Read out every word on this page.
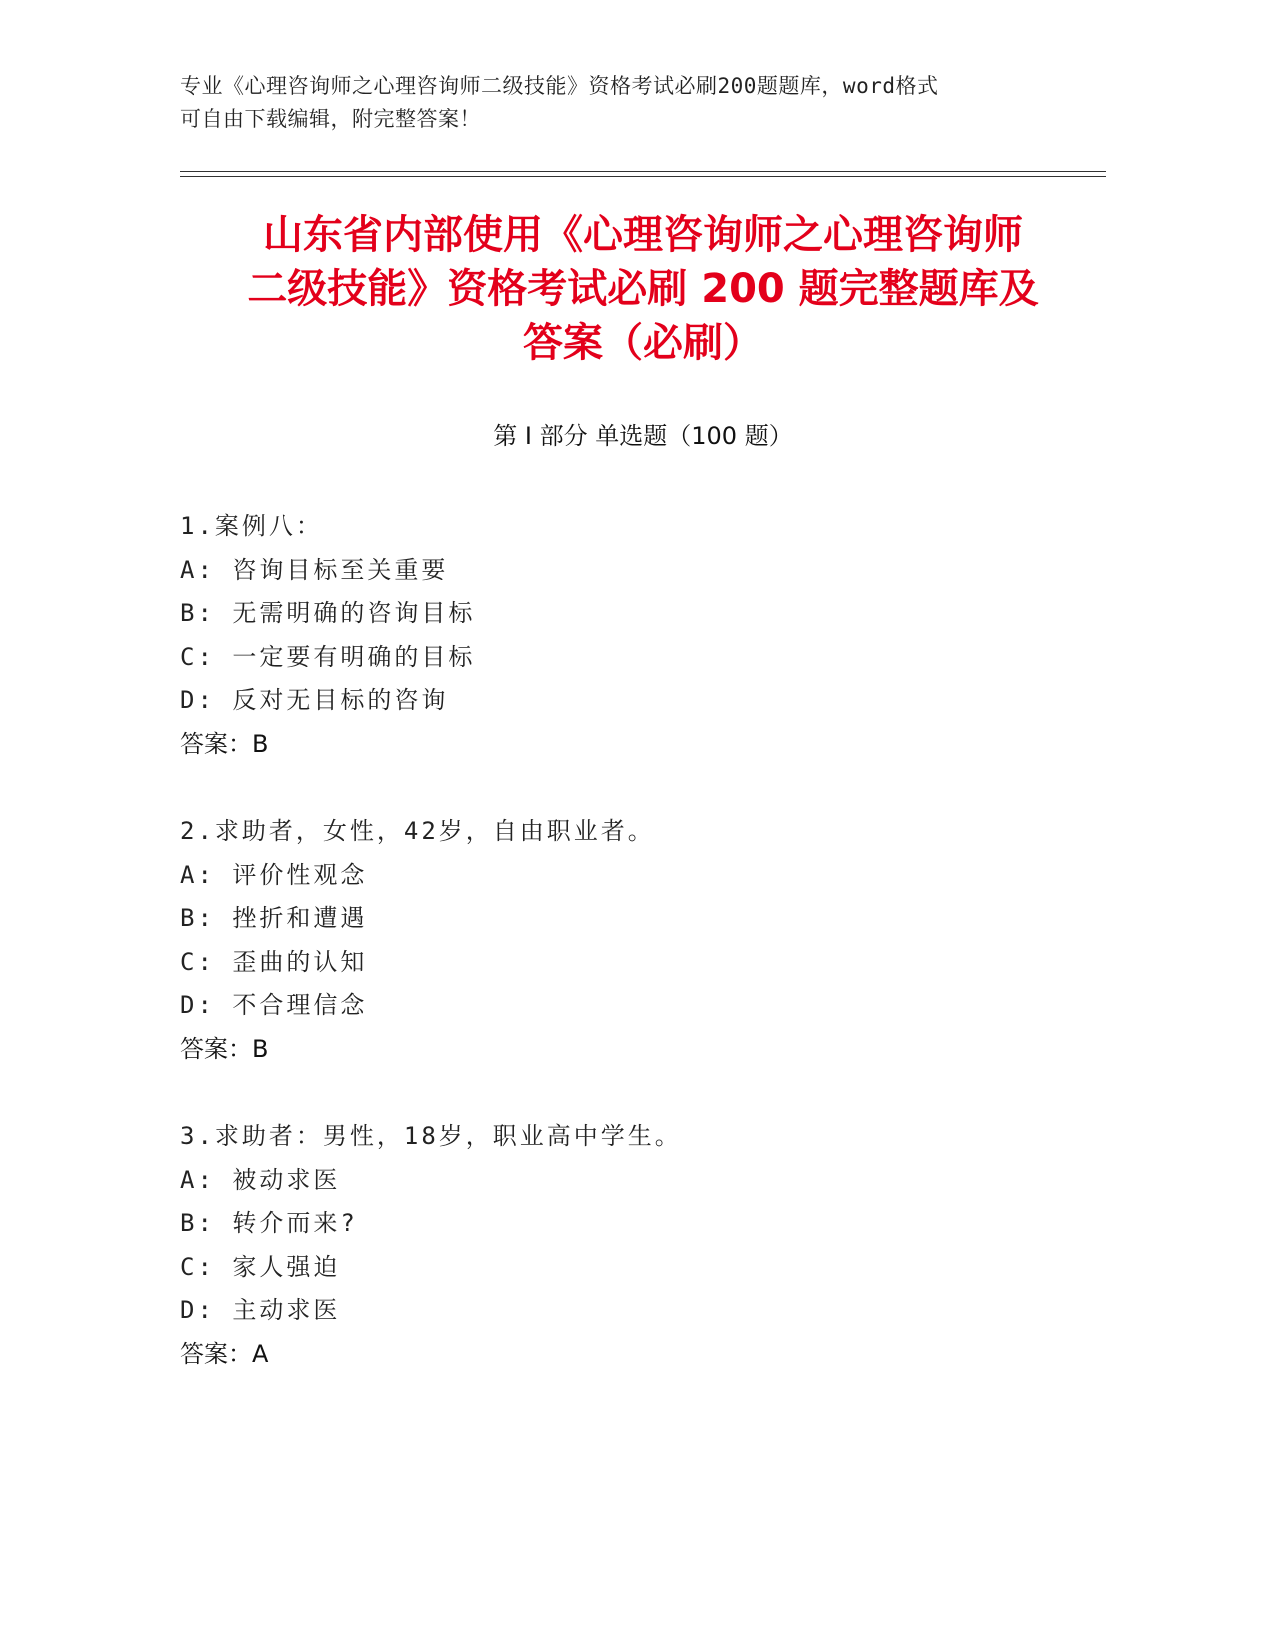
专业《心理咨询师之心理咨询师二级技能》资格考试必刷200题题库，word格式
可自由下载编辑，附完整答案！
山东省内部使用《心理咨询师之心理咨询师
二级技能》资格考试必刷 200 题完整题库及
答案（必刷）
第 I 部分 单选题（100 题）
1.案例八：
A: 咨询目标至关重要
B: 无需明确的咨询目标
C: 一定要有明确的目标
D: 反对无目标的咨询
答案：B
2.求助者，女性，42岁，自由职业者。
A: 评价性观念
B: 挫折和遭遇
C: 歪曲的认知
D: 不合理信念
答案：B
3.求助者：男性，18岁，职业高中学生。
A: 被动求医
B: 转介而来?
C: 家人强迫
D: 主动求医
答案：A
